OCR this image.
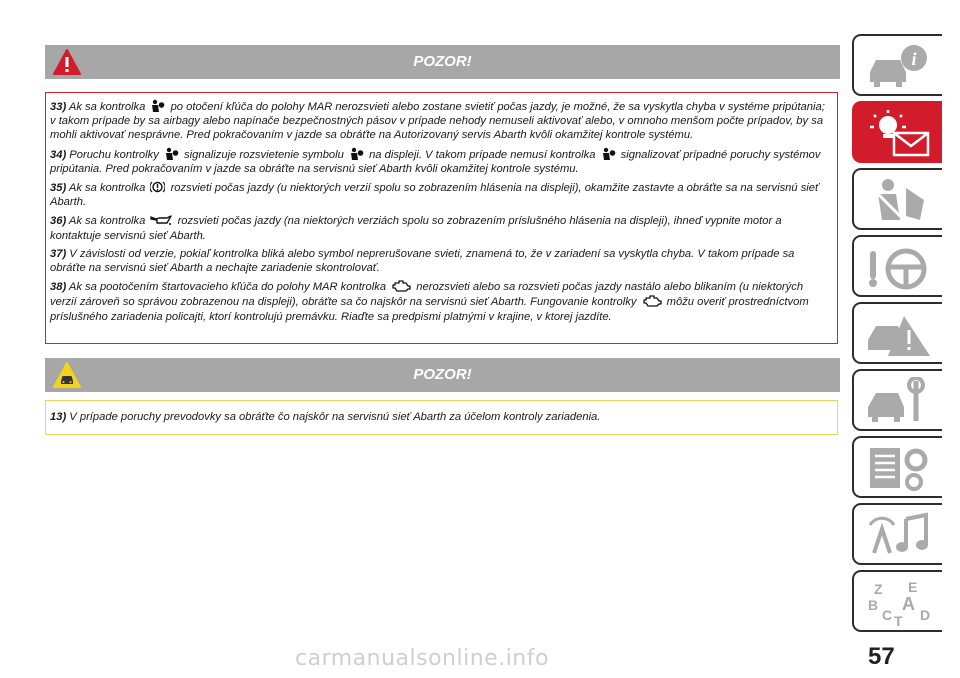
POZOR!

33) Ak sa kontrolka po otočení kľúča do polohy MAR nerozsvieti alebo zostane svietiť počas jazdy, je možné, že sa vyskytla chyba v systéme pripútania; v takom prípade by sa airbagy alebo napínače bezpečnostných pásov v prípade nehody nemuseli aktivovať alebo, v omnoho menšom počte prípadov, by sa mohli aktivovať nesprávne. Pred pokračovaním v jazde sa obráťte na Autorizovaný servis Abarth kvôli okamžitej kontrole systému.

34) Poruchu kontrolky signalizuje rozsvietenie symbolu na displeji. V takom prípade nemusí kontrolka signalizovať prípadné poruchy systémov pripútania. Pred pokračovaním v jazde sa obráťte na servisnú sieť Abarth kvôli okamžitej kontrole systému.

35) Ak sa kontrolka rozsvieti počas jazdy (u niektorých verzií spolu so zobrazením hlásenia na displeji), okamžite zastavte a obráťte sa na servisnú sieť Abarth.

36) Ak sa kontrolka	rozsvieti počas jazdy (na niektorých verziách spolu so zobrazením príslušného hlásenia na displeji), ihneď vypnite motor a kontaktuje servisnú sieť Abarth.

37) V závislosti od verzie, pokiaľ kontrolka bliká alebo symbol neprerušovane svieti, znamená to, že v zariadení sa vyskytla chyba. V takom prípade sa obráťte na servisnú sieť Abarth a nechajte zariadenie skontrolovať.

38) Ak sa pootočením štartovacieho kľúča do polohy MAR kontrolka	nerozsvieti alebo sa rozsvieti počas jazdy nastálo alebo blikaním (u niektorých verzií zároveň so správou zobrazenou na displeji), obráťte sa čo najskôr na servisnú sieť Abarth. Fungovanie kontrolky	môžu overiť prostredníctvom príslušného zariadenia policajti, ktorí kontrolujú premávku. Riaďte sa predpismi platnými v krajine, v ktorej jazdíte.

POZOR!

13) V prípade poruchy prevodovky sa obráťte čo najskôr na servisnú sieť Abarth za účelom kontroly zariadenia.

i
Z E
B A
C D
T
57
carmanualsonline.info
